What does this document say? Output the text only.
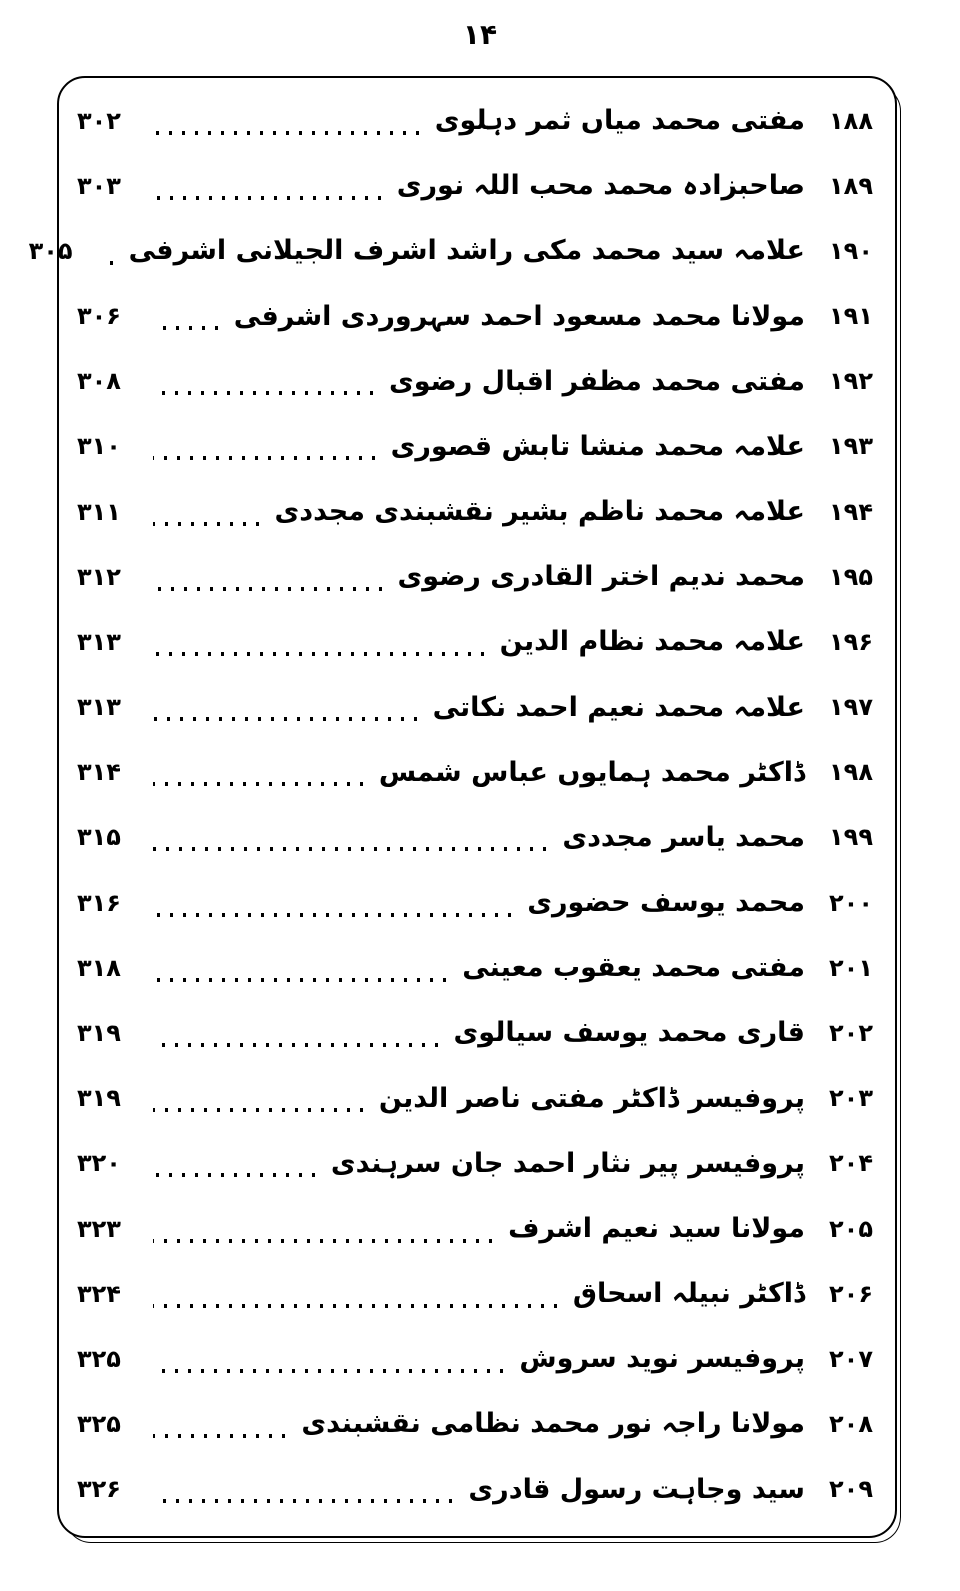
۱۴
۱۸۸
مفتی محمد میاں ثمر دہلوی
۳۰۲
۱۸۹
صاحبزادہ محمد محب اللہ نوری
۳۰۳
۱۹۰
علامہ سید محمد مکی راشد اشرف الجیلانی اشرفی
۳۰۵
۱۹۱
مولانا محمد مسعود احمد سہروردی اشرفی
۳۰۶
۱۹۲
مفتی محمد مظفر اقبال رضوی
۳۰۸
۱۹۳
علامہ محمد منشا تابش قصوری
۳۱۰
۱۹۴
علامہ محمد ناظم بشیر نقشبندی مجددی
۳۱۱
۱۹۵
محمد ندیم اختر القادری رضوی
۳۱۲
۱۹۶
علامہ محمد نظام الدین
۳۱۳
۱۹۷
علامہ محمد نعیم احمد نکاتی
۳۱۳
۱۹۸
ڈاکٹر محمد ہمایوں عباس شمس
۳۱۴
۱۹۹
محمد یاسر مجددی
۳۱۵
۲۰۰
محمد یوسف حضوری
۳۱۶
۲۰۱
مفتی محمد یعقوب معینی
۳۱۸
۲۰۲
قاری محمد یوسف سیالوی
۳۱۹
۲۰۳
پروفیسر ڈاکٹر مفتی ناصر الدین
۳۱۹
۲۰۴
پروفیسر پیر نثار احمد جان سرہندی
۳۲۰
۲۰۵
مولانا سید نعیم اشرف
۳۲۳
۲۰۶
ڈاکٹر نبیلہ اسحاق
۳۲۴
۲۰۷
پروفیسر نوید سروش
۳۲۵
۲۰۸
مولانا راجہ نور محمد نظامی نقشبندی
۳۲۵
۲۰۹
سید وجاہت رسول قادری
۳۲۶
